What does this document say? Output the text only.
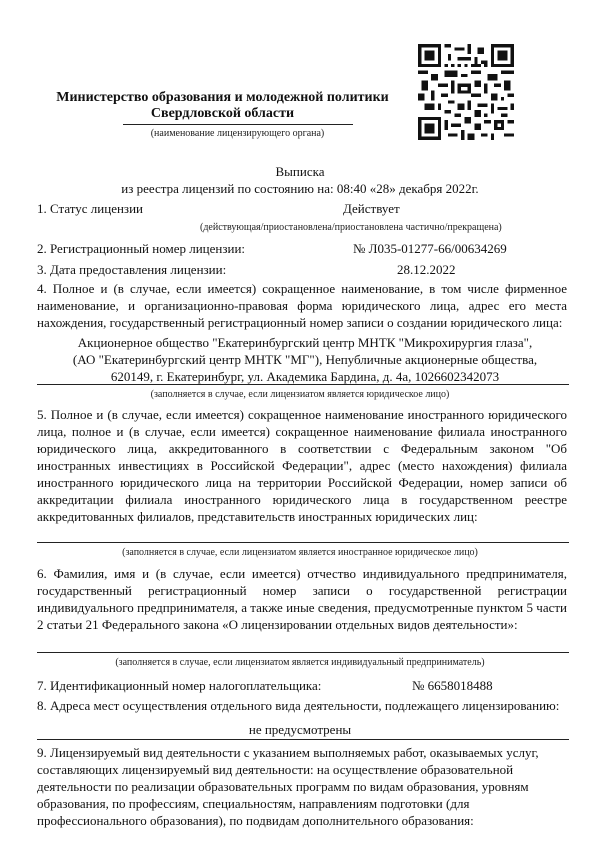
Министерство образования и молодежной политики
Свердловской области
(наименование лицензирующего органа)
Выписка
из реестра лицензий по состоянию на: 08:40 «28» декабря 2022г.
1. Статус лицензии	Действует
(действующая/приостановлена/приостановлена частично/прекращена)
2. Регистрационный номер лицензии:	№ Л035-01277-66/00634269
3. Дата предоставления лицензии:	28.12.2022
4. Полное и (в случае, если имеется) сокращенное наименование, в том числе фирменное наименование, и организационно-правовая форма юридического лица, адрес его места нахождения, государственный регистрационный номер записи о создании юридического лица:
Акционерное общество "Екатеринбургский центр МНТК "Микрохирургия глаза", (АО "Екатеринбургский центр МНТК "МГ"), Непубличные акционерные общества, 620149, г. Екатеринбург, ул. Академика Бардина, д. 4а, 1026602342073
(заполняется в случае, если лицензиатом является юридическое лицо)
5. Полное и (в случае, если имеется) сокращенное наименование иностранного юридического лица, полное и (в случае, если имеется) сокращенное наименование филиала иностранного юридического лица, аккредитованного в соответствии с Федеральным законом "Об иностранных инвестициях в Российской Федерации", адрес (место нахождения) филиала иностранного юридического лица на территории Российской Федерации, номер записи об аккредитации филиала иностранного юридического лица в государственном реестре аккредитованных филиалов, представительств иностранных юридических лиц:
(заполняется в случае, если лицензиатом является иностранное юридическое лицо)
6. Фамилия, имя и (в случае, если имеется) отчество индивидуального предпринимателя, государственный регистрационный номер записи о государственной регистрации индивидуального предпринимателя, а также иные сведения, предусмотренные пунктом 5 части 2 статьи 21 Федерального закона «О лицензировании отдельных видов деятельности»:
(заполняется в случае, если лицензиатом является индивидуальный предприниматель)
7. Идентификационный номер налогоплательщика:	№ 6658018488
8. Адреса мест осуществления отдельного вида деятельности, подлежащего лицензированию:
не предусмотрены
9. Лицензируемый вид деятельности с указанием выполняемых работ, оказываемых услуг, составляющих лицензируемый вид деятельности: на осуществление образовательной деятельности по реализации образовательных программ по видам образования, уровням образования, по профессиям, специальностям, направлениям подготовки (для профессионального образования), по подвидам дополнительного образования:
